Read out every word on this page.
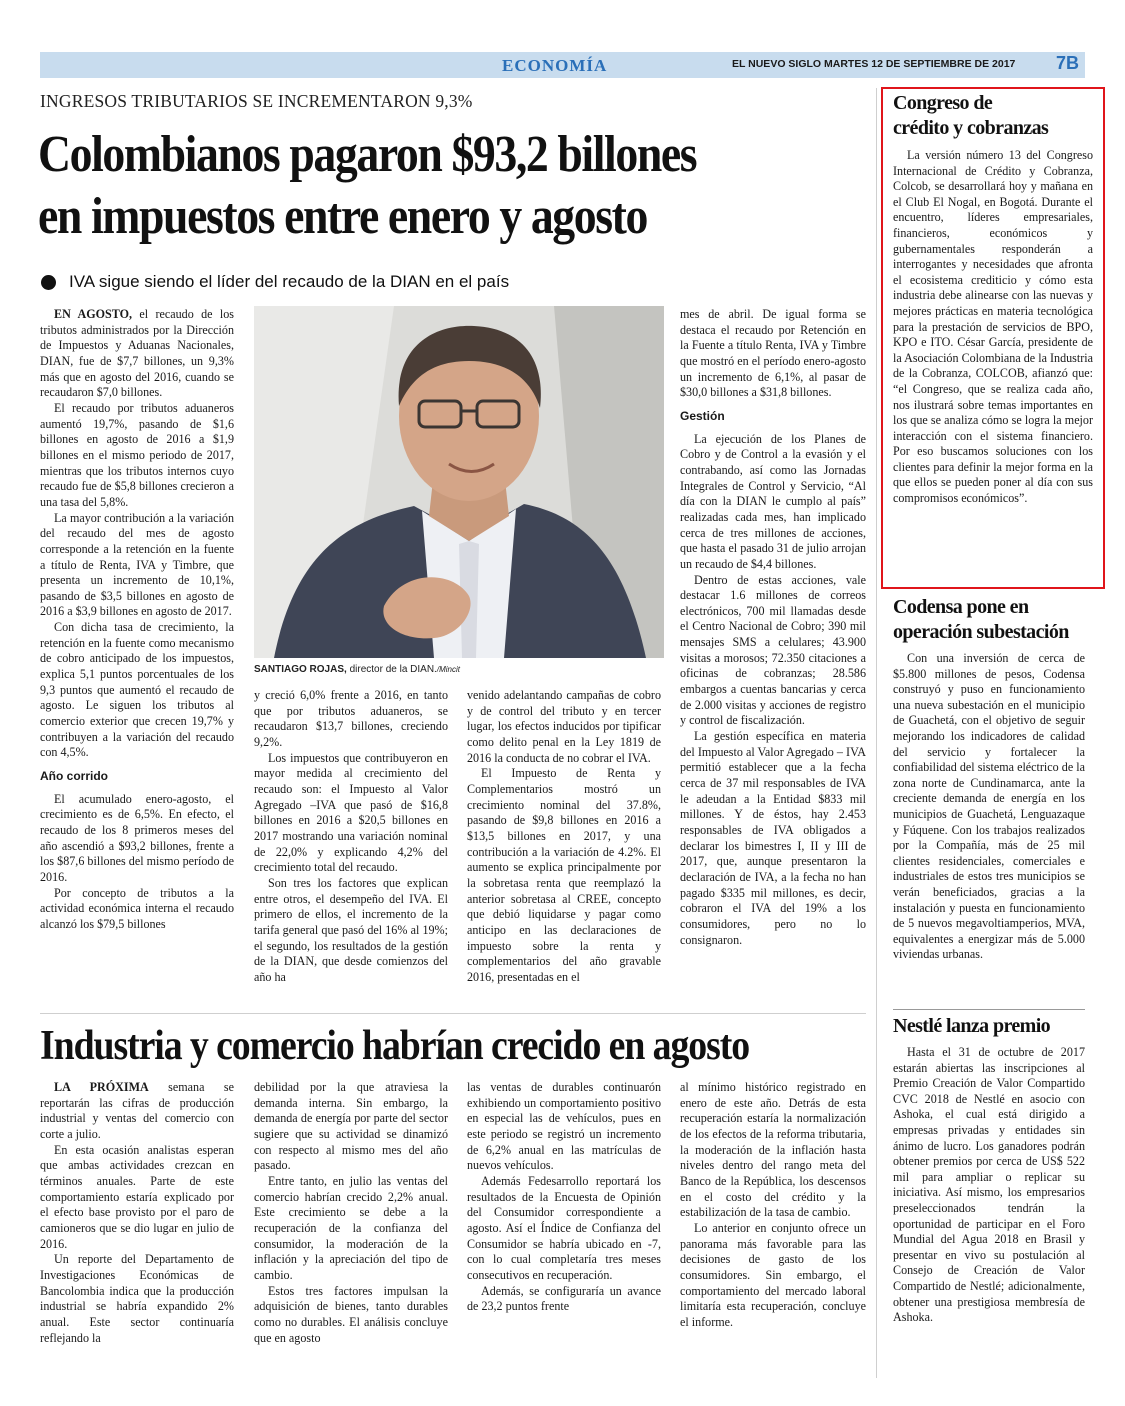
ECONOMÍA	EL NUEVO SIGLO MARTES 12 DE SEPTIEMBRE DE 2017 7B
INGRESOS TRIBUTARIOS SE INCREMENTARON 9,3%
Colombianos pagaron $93,2 billones
en impuestos entre enero y agosto
IVA sigue siendo el líder del recaudo de la DIAN en el país

EN AGOSTO, el recaudo de los tributos administrados por la Dirección de Impuestos y Aduanas Nacionales, DIAN, fue de $7,7 billones, un 9,3% más que en agosto del 2016, cuando se recaudaron $7,0 billones.

El recaudo por tributos aduaneros aumentó 19,7%, pasando de $1,6 billones en agosto de 2016 a $1,9 billones en el mismo periodo de 2017, mientras que los tributos internos cuyo recaudo fue de $5,8 billones crecieron a una tasa del 5,8%.

La mayor contribución a la variación del recaudo del mes de agosto corresponde a la retención en la fuente a título de Renta, IVA y Timbre, que presenta un incremento de 10,1%, pasando de $3,5 billones en agosto de 2016 a $3,9 billones en agosto de 2017.

Con dicha tasa de crecimiento, la retención en la fuente como mecanismo de cobro anticipado de los impuestos, explica 5,1 puntos porcentuales de los 9,3 puntos que aumentó el recaudo de agosto. Le siguen los tributos al comercio exterior que crecen 19,7% y contribuyen a la variación del recaudo con 4,5%.

Año corrido

El acumulado enero-agosto, el crecimiento es de 6,5%. En efecto, el recaudo de los 8 primeros meses del año ascendió a $93,2 billones, frente a los $87,6 billones del mismo período de 2016.

Por concepto de tributos a la actividad económica interna el recaudo alcanzó los $79,5 billones

SANTIAGO ROJAS, director de la DIAN./Mincit

y creció 6,0% frente a 2016, en tanto que por tributos aduaneros, se recaudaron $13,7 billones, creciendo 9,2%.

Los impuestos que contribuyeron en mayor medida al crecimiento del recaudo son: el Impuesto al Valor Agregado –IVA que pasó de $16,8 billones en 2016 a $20,5 billones en 2017 mostrando una variación nominal de 22,0% y explicando 4,2% del crecimiento total del recaudo.

Son tres los factores que explican entre otros, el desempeño del IVA. El primero de ellos, el incremento de la tarifa general que pasó del 16% al 19%; el segundo, los resultados de la gestión de la DIAN, que desde comienzos del año ha

venido adelantando campañas de cobro y de control del tributo y en tercer lugar, los efectos inducidos por tipificar como delito penal en la Ley 1819 de 2016 la conducta de no cobrar el IVA.

El Impuesto de Renta y Complementarios mostró un crecimiento nominal del 37.8%, pasando de $9,8 billones en 2016 a $13,5 billones en 2017, y una contribución a la variación de 4.2%. El aumento se explica principalmente por la sobretasa renta que reemplazó la anterior sobretasa al CREE, concepto que debió liquidarse y pagar como anticipo en las declaraciones de impuesto sobre la renta y complementarios del año gravable 2016, presentadas en el

mes de abril. De igual forma se destaca el recaudo por Retención en la Fuente a título Renta, IVA y Timbre que mostró en el período enero-agosto un incremento de 6,1%, al pasar de $30,0 billones a $31,8 billones.

Gestión

La ejecución de los Planes de Cobro y de Control a la evasión y el contrabando, así como las Jornadas Integrales de Control y Servicio, “Al día con la DIAN le cumplo al país” realizadas cada mes, han implicado cerca de tres millones de acciones, que hasta el pasado 31 de julio arrojan un recaudo de $4,4 billones.

Dentro de estas acciones, vale destacar 1.6 millones de correos electrónicos, 700 mil llamadas desde el Centro Nacional de Cobro; 390 mil mensajes SMS a celulares; 43.900 visitas a morosos; 72.350 citaciones a oficinas de cobranzas; 28.586 embargos a cuentas bancarias y cerca de 2.000 visitas y acciones de registro y control de fiscalización.

La gestión específica en materia del Impuesto al Valor Agregado – IVA permitió establecer que a la fecha cerca de 37 mil responsables de IVA le adeudan a la Entidad $833 mil millones. Y de éstos, hay 2.453 responsables de IVA obligados a declarar los bimestres I, II y III de 2017, que, aunque presentaron la declaración de IVA, a la fecha no han pagado $335 mil millones, es decir, cobraron el IVA del 19% a los consumidores, pero no lo consignaron.

Industria y comercio habrían crecido en agosto

LA PRÓXIMA semana se reportarán las cifras de producción industrial y ventas del comercio con corte a julio.

En esta ocasión analistas esperan que ambas actividades crezcan en términos anuales. Parte de este comportamiento estaría explicado por el efecto base provisto por el paro de camioneros que se dio lugar en julio de 2016.

Un reporte del Departamento de Investigaciones Económicas de Bancolombia indica que la producción industrial se habría expandido 2% anual. Este sector continuaría reflejando la

debilidad por la que atraviesa la demanda interna. Sin embargo, la demanda de energía por parte del sector sugiere que su actividad se dinamizó con respecto al mismo mes del año pasado.

Entre tanto, en julio las ventas del comercio habrían crecido 2,2% anual. Este crecimiento se debe a la recuperación de la confianza del consumidor, la moderación de la inflación y la apreciación del tipo de cambio.

Estos tres factores impulsan la adquisición de bienes, tanto durables como no durables. El análisis concluye que en agosto

las ventas de durables continuarón exhibiendo un comportamiento positivo en especial las de vehículos, pues en este periodo se registró un incremento de 6,2% anual en las matrículas de nuevos vehículos.

Además Fedesarrollo reportará los resultados de la Encuesta de Opinión del Consumidor correspondiente a agosto. Así el Índice de Confianza del Consumidor se habría ubicado en -7, con lo cual completaría tres meses consecutivos en recuperación.

Además, se configuraría un avance de 23,2 puntos frente

al mínimo histórico registrado en enero de este año. Detrás de esta recuperación estaría la normalización de los efectos de la reforma tributaria, la moderación de la inflación hasta niveles dentro del rango meta del Banco de la República, los descensos en el costo del crédito y la estabilización de la tasa de cambio.

Lo anterior en conjunto ofrece un panorama más favorable para las decisiones de gasto de los consumidores. Sin embargo, el comportamiento del mercado laboral limitaría esta recuperación, concluye el informe.

Congreso de
crédito y cobranzas

La versión número 13 del Congreso Internacional de Crédito y Cobranza, Colcob, se desarrollará hoy y mañana en el Club El Nogal, en Bogotá. Durante el encuentro, líderes empresariales, financieros, económicos y gubernamentales responderán a interrogantes y necesidades que afronta el ecosistema crediticio y cómo esta industria debe alinearse con las nuevas y mejores prácticas en materia tecnológica para la prestación de servicios de BPO, KPO e ITO. César García, presidente de la Asociación Colombiana de la Industria de la Cobranza, COLCOB, afianzó que: “el Congreso, que se realiza cada año, nos ilustrará sobre temas importantes en los que se analiza cómo se logra la mejor interacción con el sistema financiero. Por eso buscamos soluciones con los clientes para definir la mejor forma en la que ellos se pueden poner al día con sus compromisos económicos”.

Codensa pone en
operación subestación

Con una inversión de cerca de $5.800 millones de pesos, Codensa construyó y puso en funcionamiento una nueva subestación en el municipio de Guachetá, con el objetivo de seguir mejorando los indicadores de calidad del servicio y fortalecer la confiabilidad del sistema eléctrico de la zona norte de Cundinamarca, ante la creciente demanda de energía en los municipios de Guachetá, Lenguazaque y Fúquene. Con los trabajos realizados por la Compañía, más de 25 mil clientes residenciales, comerciales e industriales de estos tres municipios se verán beneficiados, gracias a la instalación y puesta en funcionamiento de 5 nuevos megavoltiamperios, MVA, equivalentes a energizar más de 5.000 viviendas urbanas.

Nestlé lanza premio

Hasta el 31 de octubre de 2017 estarán abiertas las inscripciones al Premio Creación de Valor Compartido CVC 2018 de Nestlé en asocio con Ashoka, el cual está dirigido a empresas privadas y entidades sin ánimo de lucro. Los ganadores podrán obtener premios por cerca de US$ 522 mil para ampliar o replicar su iniciativa. Así mismo, los empresarios preseleccionados tendrán la oportunidad de participar en el Foro Mundial del Agua 2018 en Brasil y presentar en vivo su postulación al Consejo de Creación de Valor Compartido de Nestlé; adicionalmente, obtener una prestigiosa membresía de Ashoka.
